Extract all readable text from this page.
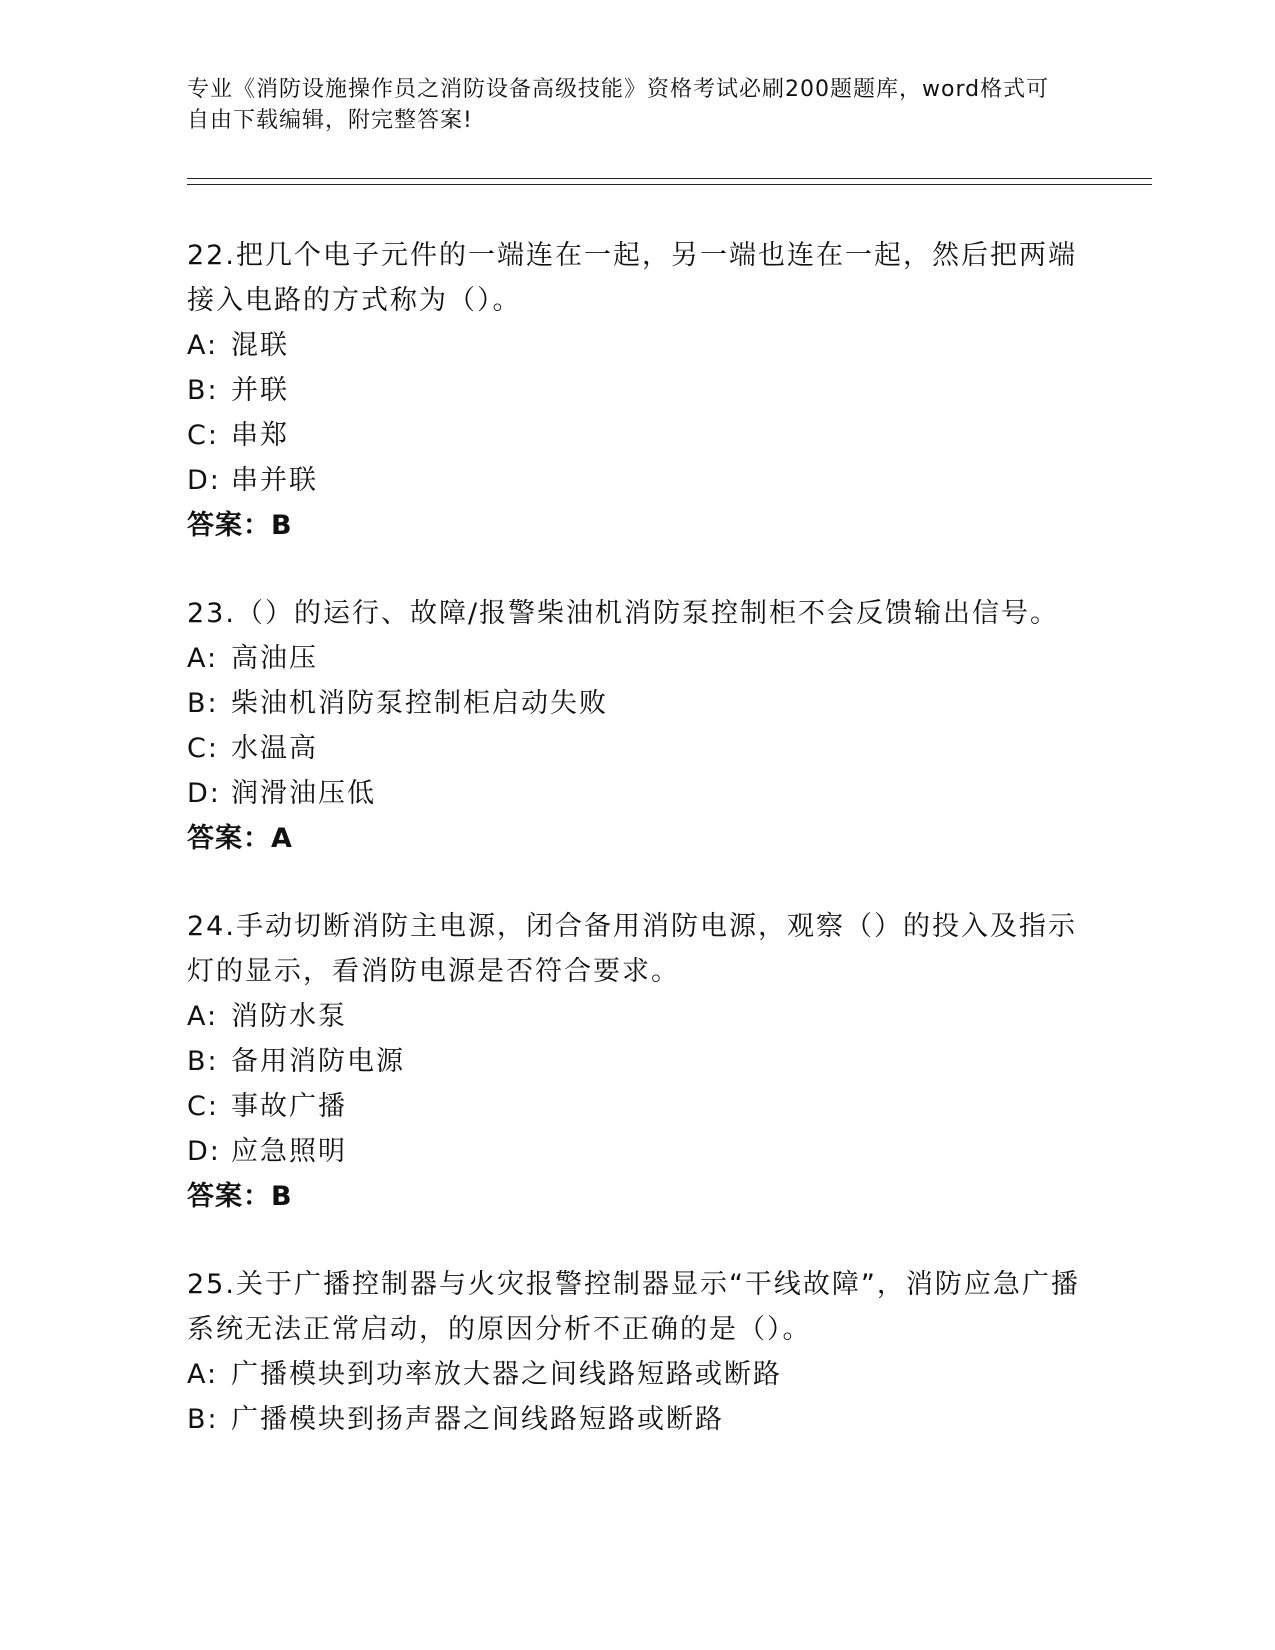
专业《消防设施操作员之消防设备高级技能》资格考试必刷200题题库，word格式可自由下载编辑，附完整答案!

22.把几个电子元件的一端连在一起，另一端也连在一起，然后把两端接入电路的方式称为（）。

A: 混联

B: 并联

C: 串郑

D: 串并联

答案：B

23.（）的运行、故障/报警柴油机消防泵控制柜不会反馈输出信号。

A: 高油压

B: 柴油机消防泵控制柜启动失败

C: 水温高

D: 润滑油压低

答案：A

24.手动切断消防主电源，闭合备用消防电源，观察（）的投入及指示灯的显示，看消防电源是否符合要求。

A: 消防水泵

B: 备用消防电源

C: 事故广播

D: 应急照明

答案：B

25.关于广播控制器与火灾报警控制器显示“干线故障”，消防应急广播系统无法正常启动，的原因分析不正确的是（）。

A: 广播模块到功率放大器之间线路短路或断路

B: 广播模块到扬声器之间线路短路或断路
